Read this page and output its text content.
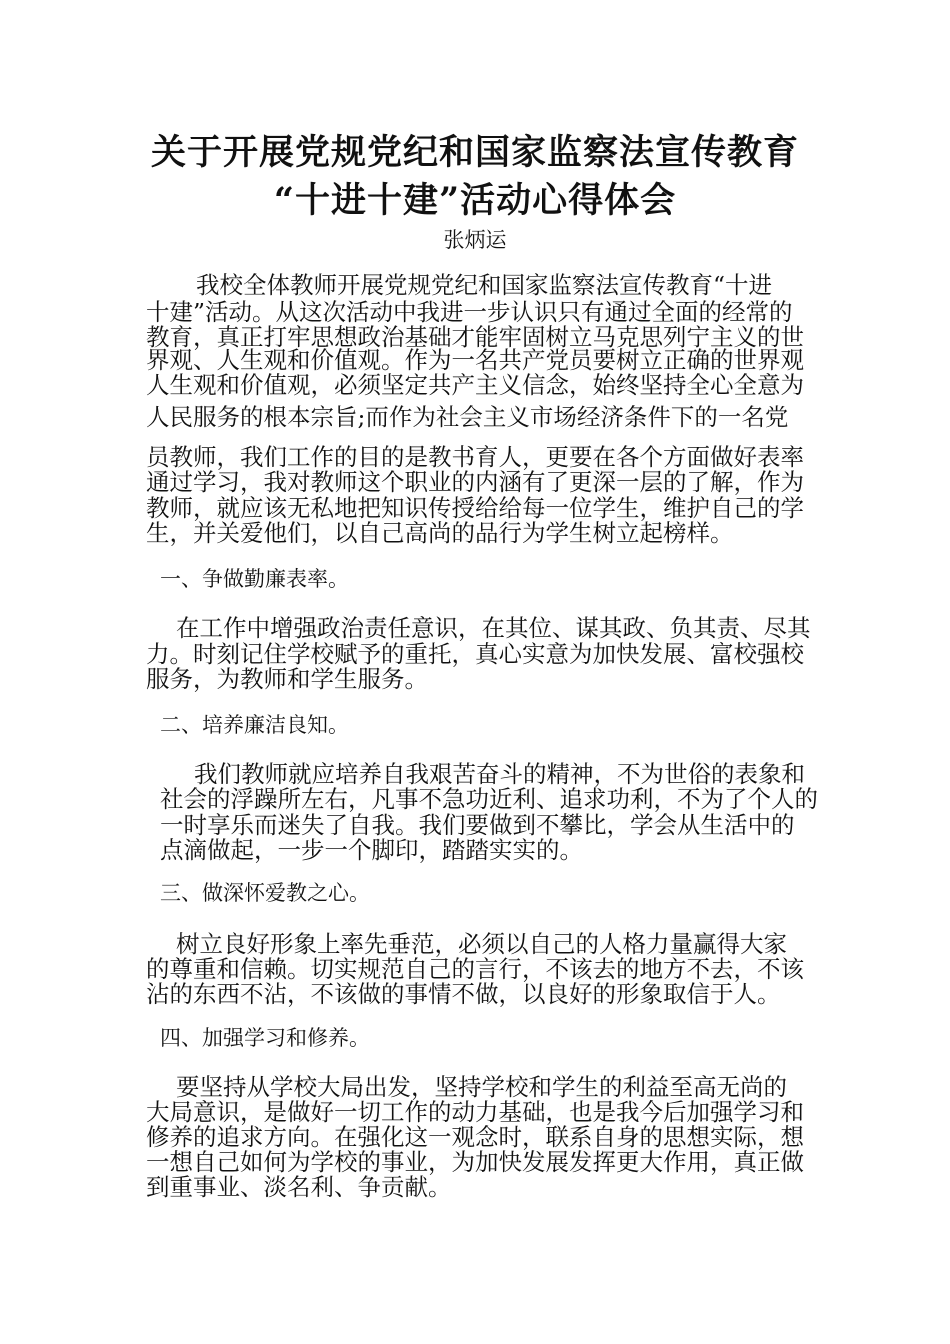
关于开展党规党纪和国家监察法宣传教育
“十进十建”活动心得体会
张炳运
我校全体教师开展党规党纪和国家监察法宣传教育“十进
十建”活动。从这次活动中我进一步认识只有通过全面的经常的
教育，真正打牢思想政治基础才能牢固树立马克思列宁主义的世
界观、人生观和价值观。作为一名共产党员要树立正确的世界观
人生观和价值观，必须坚定共产主义信念，始终坚持全心全意为
人民服务的根本宗旨;而作为社会主义市场经济条件下的一名党
员教师，我们工作的目的是教书育人，更要在各个方面做好表率
通过学习，我对教师这个职业的内涵有了更深一层的了解，作为
教师，就应该无私地把知识传授给给每一位学生，维护自己的学
生，并关爱他们，以自己高尚的品行为学生树立起榜样。
一、争做勤廉表率。
在工作中增强政治责任意识，在其位、谋其政、负其责、尽其
力。时刻记住学校赋予的重托，真心实意为加快发展、富校强校
服务，为教师和学生服务。
二、培养廉洁良知。
我们教师就应培养自我艰苦奋斗的精神，不为世俗的表象和
社会的浮躁所左右，凡事不急功近利、追求功利，不为了个人的
一时享乐而迷失了自我。我们要做到不攀比，学会从生活中的
点滴做起，一步一个脚印，踏踏实实的。
三、做深怀爱教之心。
树立良好形象上率先垂范，必须以自己的人格力量赢得大家
的尊重和信赖。切实规范自己的言行，不该去的地方不去，不该
沾的东西不沾，不该做的事情不做，以良好的形象取信于人。
四、加强学习和修养。
要坚持从学校大局出发，坚持学校和学生的利益至高无尚的
大局意识，是做好一切工作的动力基础，也是我今后加强学习和
修养的追求方向。在强化这一观念时，联系自身的思想实际，想
一想自己如何为学校的事业，为加快发展发挥更大作用，真正做
到重事业、淡名利、争贡献。
